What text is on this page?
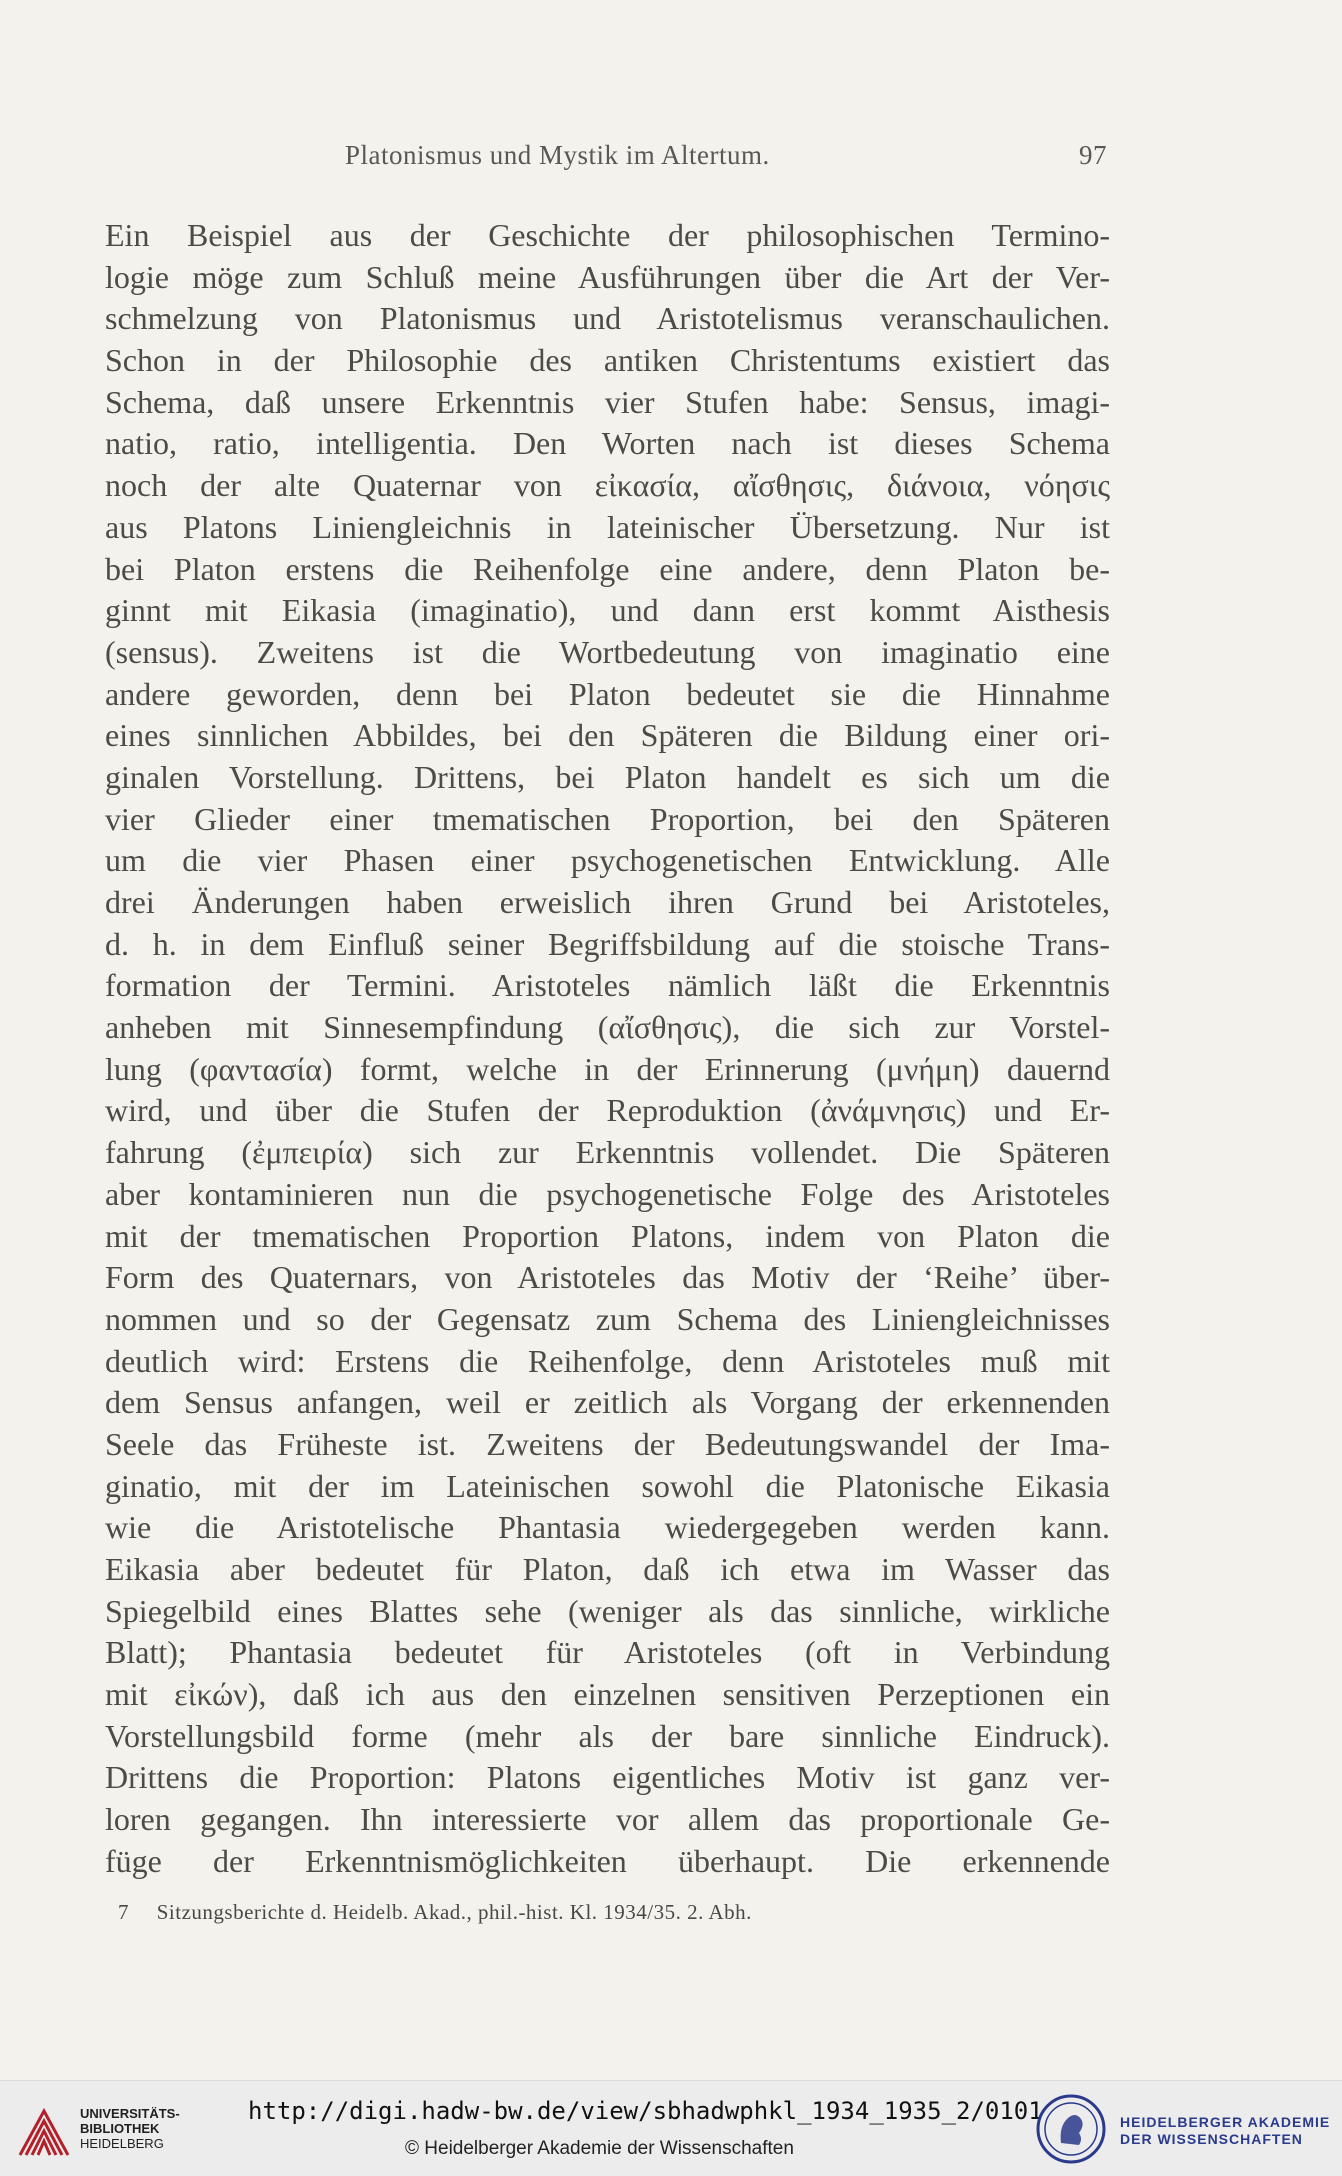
Platonismus und Mystik im Altertum.	97
Ein Beispiel aus der Geschichte der philosophischen Termino-
logie möge zum Schluß meine Ausführungen über die Art der Ver-
schmelzung von Platonismus und Aristotelismus veranschaulichen.
Schon in der Philosophie des antiken Christentums existiert das
Schema, daß unsere Erkenntnis vier Stufen habe: Sensus, imagi-
natio, ratio, intelligentia. Den Worten nach ist dieses Schema
noch der alte Quaternar von εἰκασία, αἴσθησις, διάνοια, νόησις
aus Platons Liniengleichnis in lateinischer Übersetzung. Nur ist
bei Platon erstens die Reihenfolge eine andere, denn Platon be-
ginnt mit Eikasia (imaginatio), und dann erst kommt Aisthesis
(sensus). Zweitens ist die Wortbedeutung von imaginatio eine
andere geworden, denn bei Platon bedeutet sie die Hinnahme
eines sinnlichen Abbildes, bei den Späteren die Bildung einer ori-
ginalen Vorstellung. Drittens, bei Platon handelt es sich um die
vier Glieder einer tmematischen Proportion, bei den Späteren
um die vier Phasen einer psychogenetischen Entwicklung. Alle
drei Änderungen haben erweislich ihren Grund bei Aristoteles,
d. h. in dem Einfluß seiner Begriffsbildung auf die stoische Trans-
formation der Termini. Aristoteles nämlich läßt die Erkenntnis
anheben mit Sinnesempfindung (αἴσθησις), die sich zur Vorstel-
lung (φαντασία) formt, welche in der Erinnerung (μνήμη) dauernd
wird, und über die Stufen der Reproduktion (ἀνάμνησις) und Er-
fahrung (ἐμπειρία) sich zur Erkenntnis vollendet. Die Späteren
aber kontaminieren nun die psychogenetische Folge des Aristoteles
mit der tmematischen Proportion Platons, indem von Platon die
Form des Quaternars, von Aristoteles das Motiv der ‘Reihe’ über-
nommen und so der Gegensatz zum Schema des Liniengleichnisses
deutlich wird: Erstens die Reihenfolge, denn Aristoteles muß mit
dem Sensus anfangen, weil er zeitlich als Vorgang der erkennenden
Seele das Früheste ist. Zweitens der Bedeutungswandel der Ima-
ginatio, mit der im Lateinischen sowohl die Platonische Eikasia
wie die Aristotelische Phantasia wiedergegeben werden kann.
Eikasia aber bedeutet für Platon, daß ich etwa im Wasser das
Spiegelbild eines Blattes sehe (weniger als das sinnliche, wirkliche
Blatt); Phantasia bedeutet für Aristoteles (oft in Verbindung
mit εἰκών), daß ich aus den einzelnen sensitiven Perzeptionen ein
Vorstellungsbild forme (mehr als der bare sinnliche Eindruck).
Drittens die Proportion: Platons eigentliches Motiv ist ganz ver-
loren gegangen. Ihn interessierte vor allem das proportionale Ge-
füge der Erkenntnismöglichkeiten überhaupt. Die erkennende
7 Sitzungsberichte d. Heidelb. Akad., phil.-hist. Kl. 1934/35. 2. Abh.
UNIVERSITÄTS-
BIBLIOTHEK
HEIDELBERG
http://digi.hadw-bw.de/view/sbhadwphkl_1934_1935_2/0101
© Heidelberger Akademie der Wissenschaften
HEIDELBERGER AKADEMIE
DER WISSENSCHAFTEN
